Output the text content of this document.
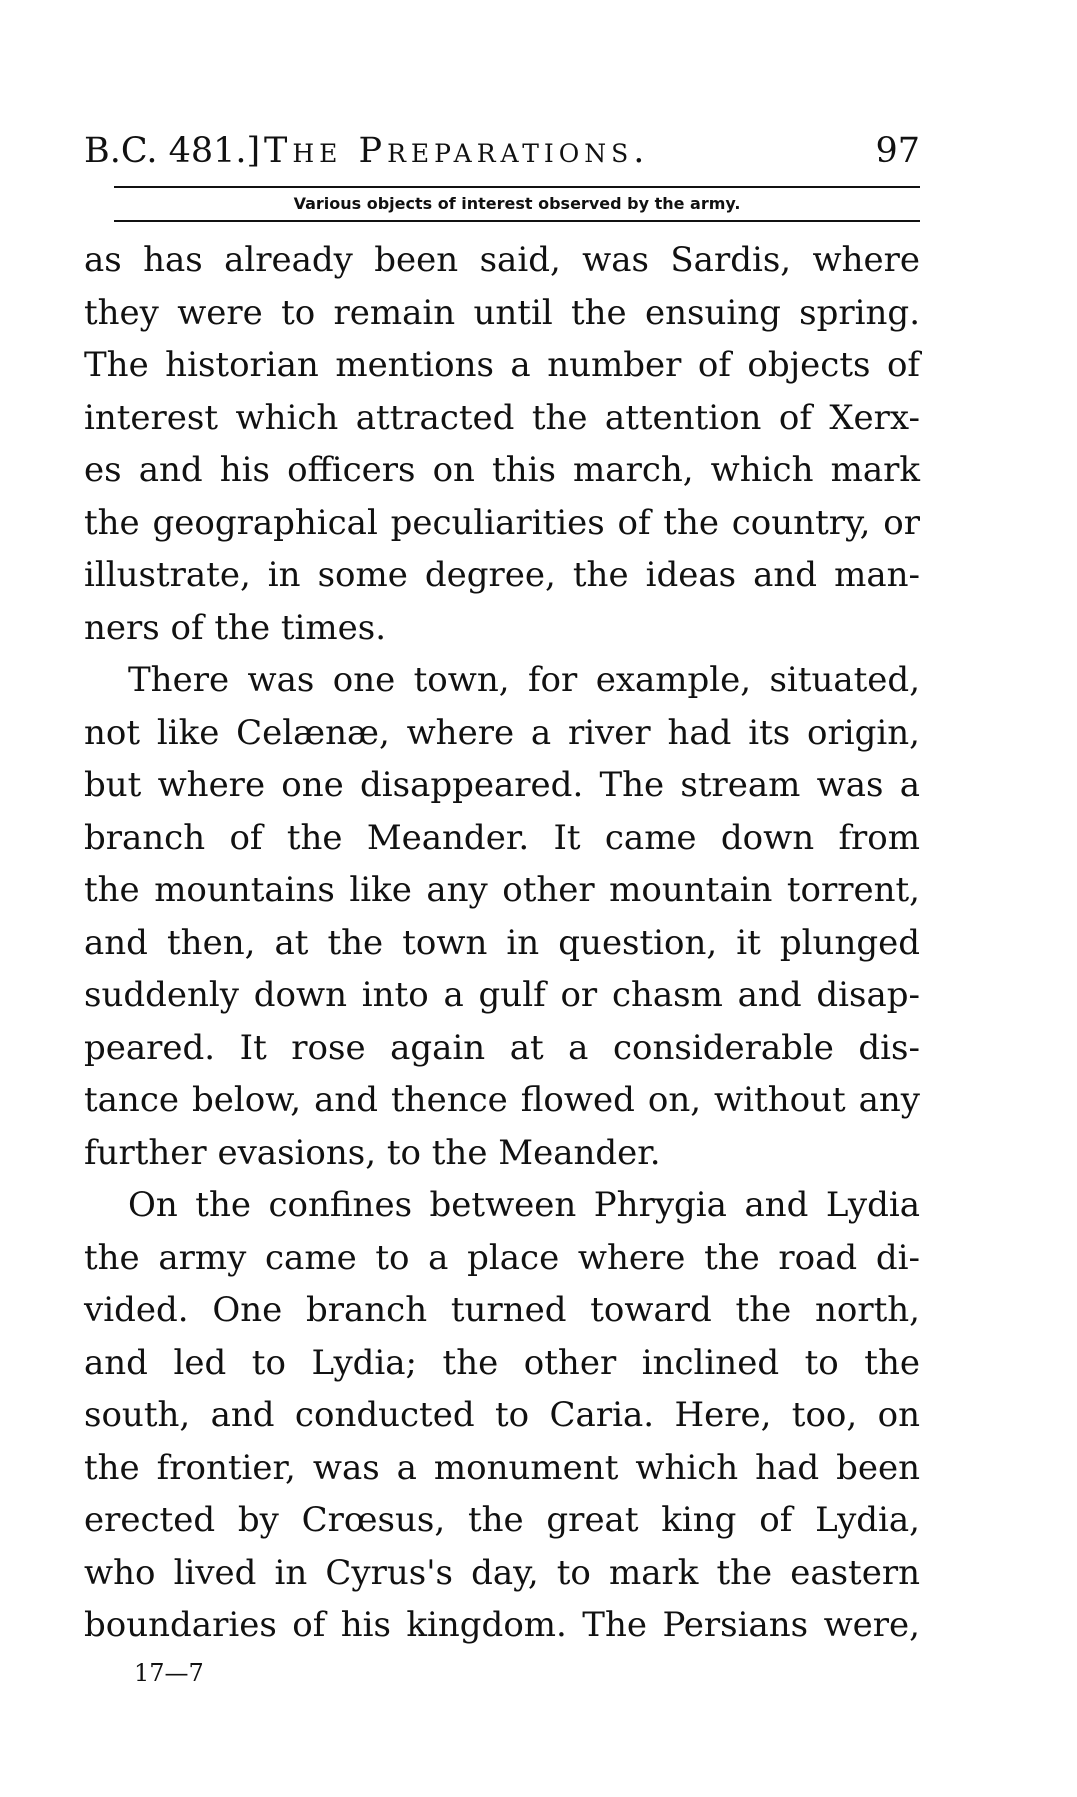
B.C. 481.] The Preparations.	97
Various objects of interest observed by the army.

as has already been said, was Sardis, where
they were to remain until the ensuing spring.
The historian mentions a number of objects of
interest which attracted the attention of Xerx-
es and his officers on this march, which mark
the geographical peculiarities of the country, or
illustrate, in some degree, the ideas and man-
ners of the times.

There was one town, for example, situated,
not like Celænæ, where a river had its origin,
but where one disappeared. The stream was a
branch of the Meander. It came down from
the mountains like any other mountain torrent,
and then, at the town in question, it plunged
suddenly down into a gulf or chasm and disap-
peared. It rose again at a considerable dis-
tance below, and thence flowed on, without any
further evasions, to the Meander.

On the confines between Phrygia and Lydia
the army came to a place where the road di-
vided. One branch turned toward the north,
and led to Lydia; the other inclined to the
south, and conducted to Caria. Here, too, on
the frontier, was a monument which had been
erected by Crœsus, the great king of Lydia,
who lived in Cyrus's day, to mark the eastern
boundaries of his kingdom. The Persians were,

17—7
